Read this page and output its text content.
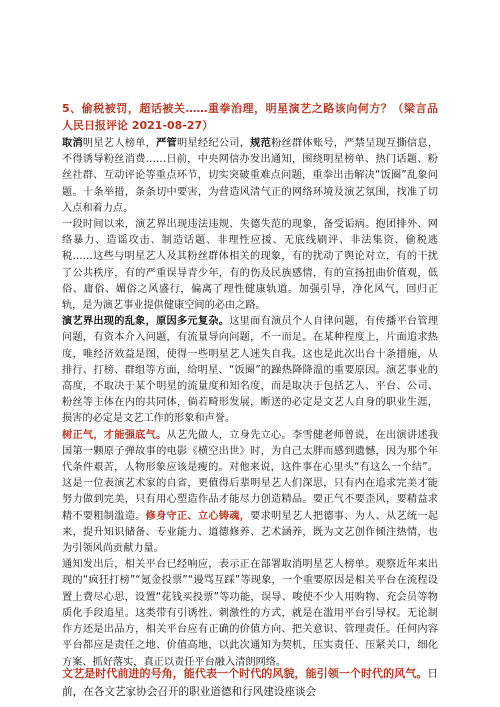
5、偷税被罚，超话被关……重拳治理，明星演艺之路该向何方？（梁言品　人民日报评论 2021-08-27）

取消明星艺人榜单，严管明星经纪公司，规范粉丝群体账号，严禁呈现互撕信息，不得诱导粉丝消费……日前，中央网信办发出通知，围绕明星榜单、热门话题、粉丝社群、互动评论等重点环节，切实突破重难点问题，重拳出击解决“饭圈”乱象问题。十条举措，条条切中要害，为营造风清气正的网络环境及演艺氛围，找准了切入点和着力点。

一段时间以来，演艺界出现违法违规、失德失范的现象，备受诟病。抱团排外、网络暴力、造谣攻击、制造话题、非理性应援、无底线刷评、非法集资、偷税逃税……这些与明星艺人及其粉丝群体相关的现象，有的扰动了舆论对立，有的干扰了公共秩序，有的严重误导青少年，有的伤及民族感情，有的宣扬扭曲价值观，低俗、庸俗、媚俗之风盛行，偏离了理性健康轨道。加强引导，净化风气，回归正轨，是为演艺事业提供健康空间的必由之路。

演艺界出现的乱象，原因多元复杂。这里面有演员个人自律问题，有传播平台管理问题，有资本介入问题，有流量导向问题，不一而足。在某种程度上，片面追求热度，唯经济效益是图，使得一些明星艺人迷失自我。这也是此次出台十条措施，从排行、打榜、群组等方面，给明星、“饭圈”的躁热降降温的重要原因。演艺事业的高度，不取决于某个明星的流量度和知名度，而是取决于包括艺人、平台、公司、粉丝等主体在内的共同体，倘若畸形发展，断送的必定是文艺人自身的职业生涯，损害的必定是文艺工作的形象和声誉。

树正气，才能强底气。从艺先做人，立身先立心。李雪健老师曾说，在出演讲述我国第一颗原子弹故事的电影《横空出世》时，为自己太胖而感到遗憾，因为那个年代条件艰苦，人物形象应该是瘦的。对他来说，这件事在心里头“有这么一个结”。这是一位表演艺术家的自省，更值得后辈明星艺人们深思，只有内在追求完美才能努力做到完美，只有用心塑造作品才能尽力创造精品。要正气不要歪风，要精益求精不要粗制滥造。修身守正、立心铸魂，要求明星艺人把德事、为人、从艺统一起来，提升知识储备、专业能力、道德修养、艺术涵养，既为文艺创作倾注热情，也为引领风尚贡献力量。

通知发出后，相关平台已经响应，表示正在部署取消明星艺人榜单。观察近年来出现的“疯狂打榜”“氪金投票”“谩骂互踩”等现象，一个重要原因是相关平台在流程设置上费尽心思，设置“花钱买投票”等功能，误导、唆使不少人用购物、充会员等物质化手段追星。这类带有引诱性、刺激性的方式，就是在滥用平台引导权。无论制作方还是出品方，相关平台应有正确的价值方向、把关意识、管理责任。任何内容平台都应是责任之地、价值高地，以此次通知为契机，压实责任、压紧关口，细化方案、抓好落实，真正以责任平台融入清朗网络。

文艺是时代前进的号角，能代表一个时代的风貌，能引领一个时代的风气。日前，在各文艺家协会召开的职业道德和行风建设座谈会
